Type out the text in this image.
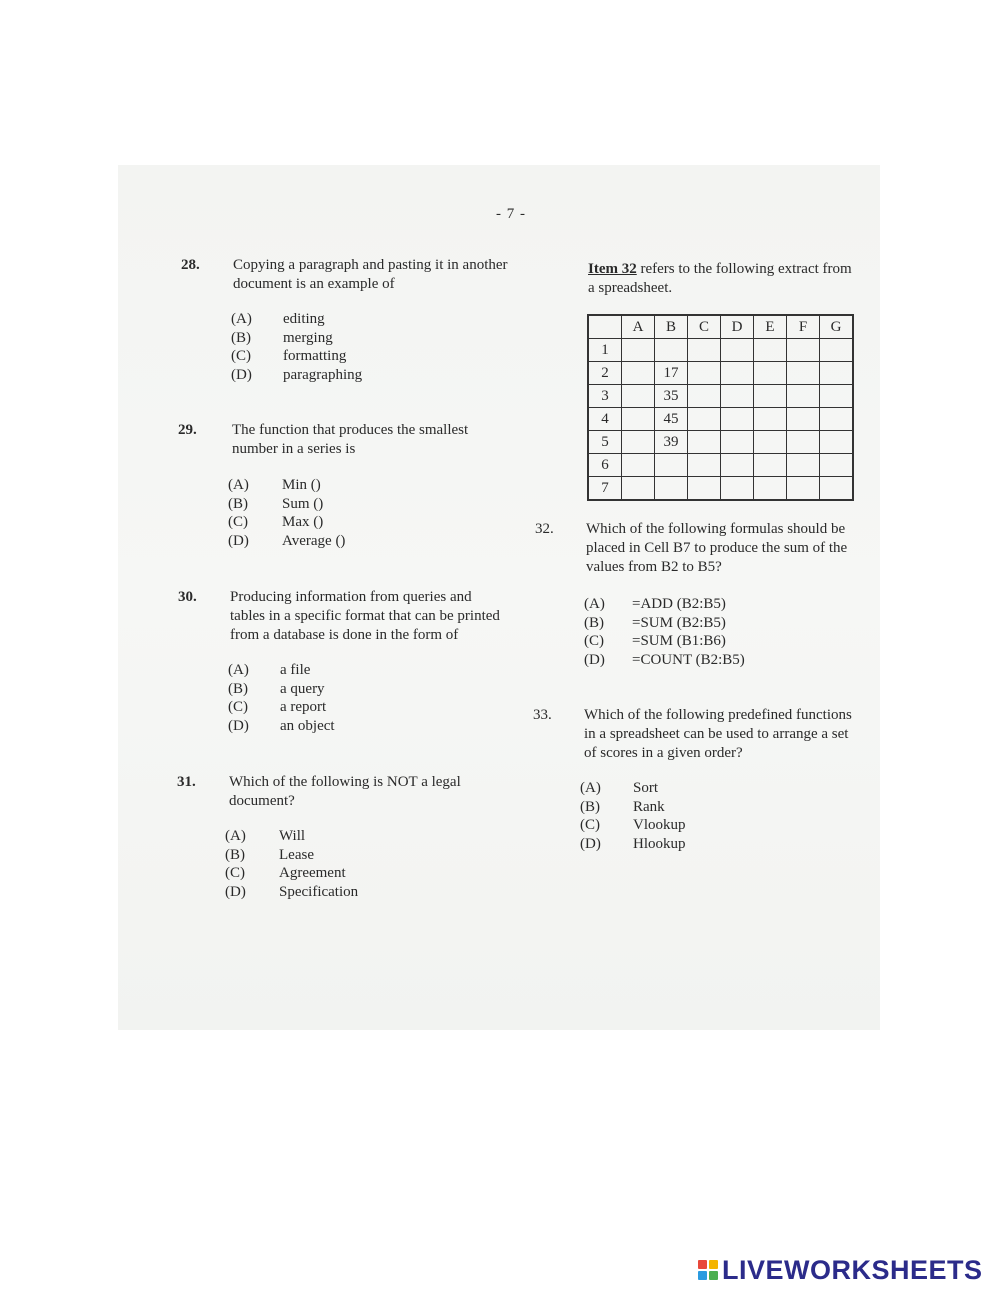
- 7 -
28. Copying a paragraph and pasting it in another
document is an example of
(A) editing
(B) merging
(C) formatting
(D) paragraphing
29. The function that produces the smallest
number in a series is
(A) Min ()
(B) Sum ()
(C) Max ()
(D) Average ()
30. Producing information from queries and
tables in a specific format that can be printed
from a database is done in the form of
(A) a file
(B) a query
(C) a report
(D) an object
31. Which of the following is NOT a legal
document?
(A) Will
(B) Lease
(C) Agreement
(D) Specification
Item 32 refers to the following extract from
a spreadsheet.
	A	B	C	D	E	F	G
1							
2		17					
3		35					
4		45					
5		39					
6							
7							
32. Which of the following formulas should be
placed in Cell B7 to produce the sum of the
values from B2 to B5?
(A) =ADD (B2:B5)
(B) =SUM (B2:B5)
(C) =SUM (B1:B6)
(D) =COUNT (B2:B5)
33. Which of the following predefined functions
in a spreadsheet can be used to arrange a set
of scores in a given order?
(A) Sort
(B) Rank
(C) Vlookup
(D) Hlookup
LIVEWORKSHEETS
